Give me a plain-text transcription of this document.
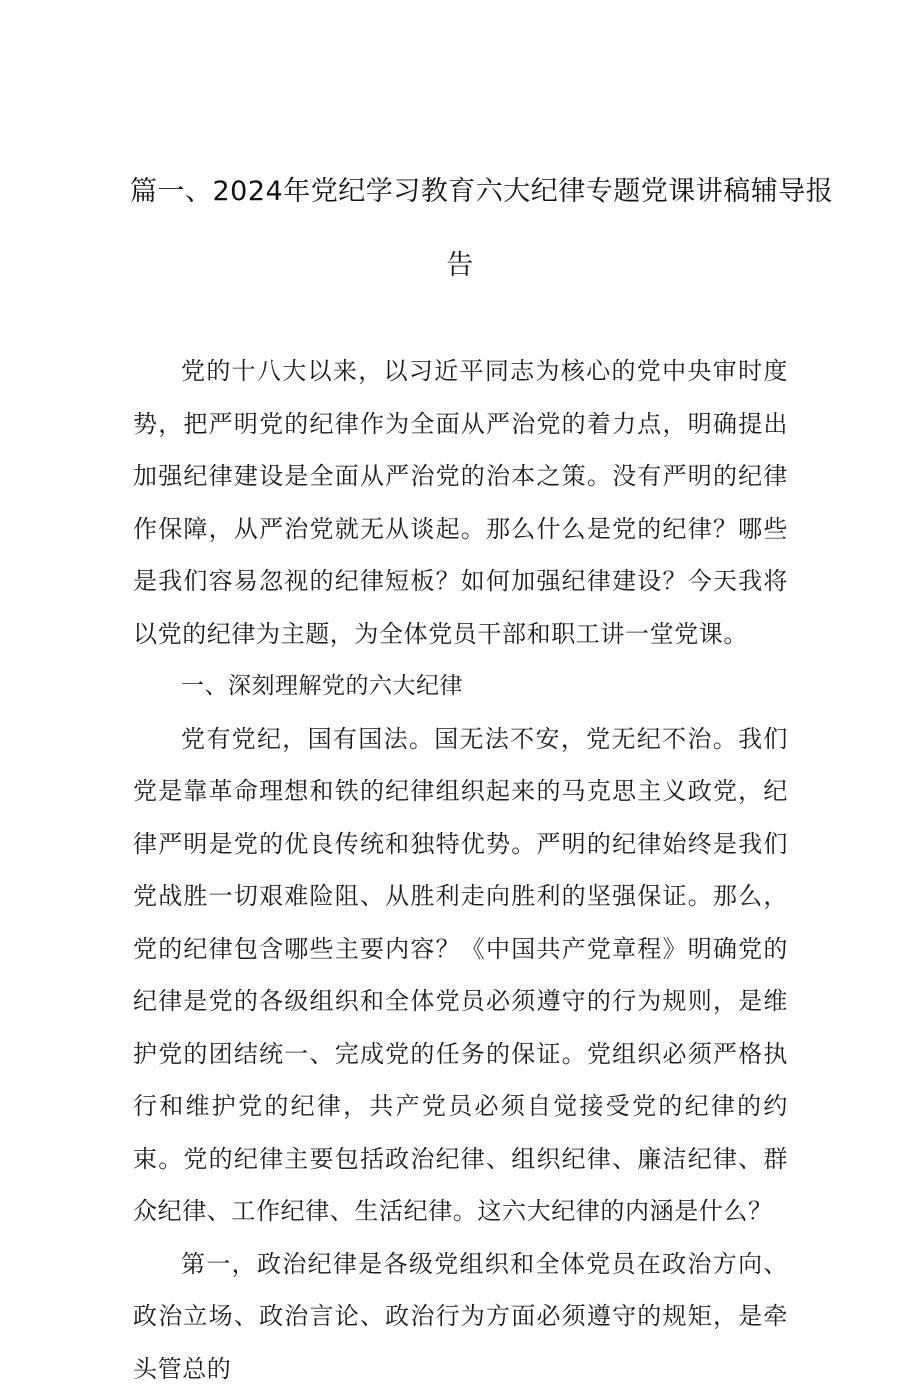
篇一、2024年党纪学习教育六大纪律专题党课讲稿辅导报
告

党的十八大以来，以习近平同志为核心的党中央审时度势，把严明党的纪律作为全面从严治党的着力点，明确提出加强纪律建设是全面从严治党的治本之策。没有严明的纪律作保障，从严治党就无从谈起。那么什么是党的纪律？哪些是我们容易忽视的纪律短板？如何加强纪律建设？今天我将以党的纪律为主题，为全体党员干部和职工讲一堂党课。

一、深刻理解党的六大纪律

党有党纪，国有国法。国无法不安，党无纪不治。我们党是靠革命理想和铁的纪律组织起来的马克思主义政党，纪律严明是党的优良传统和独特优势。严明的纪律始终是我们党战胜一切艰难险阻、从胜利走向胜利的坚强保证。那么，党的纪律包含哪些主要内容？《中国共产党章程》明确党的纪律是党的各级组织和全体党员必须遵守的行为规则，是维护党的团结统一、完成党的任务的保证。党组织必须严格执行和维护党的纪律，共产党员必须自觉接受党的纪律的约束。党的纪律主要包括政治纪律、组织纪律、廉洁纪律、群众纪律、工作纪律、生活纪律。这六大纪律的内涵是什么？

第一，政治纪律是各级党组织和全体党员在政治方向、政治立场、政治言论、政治行为方面必须遵守的规矩，是牵头管总的
